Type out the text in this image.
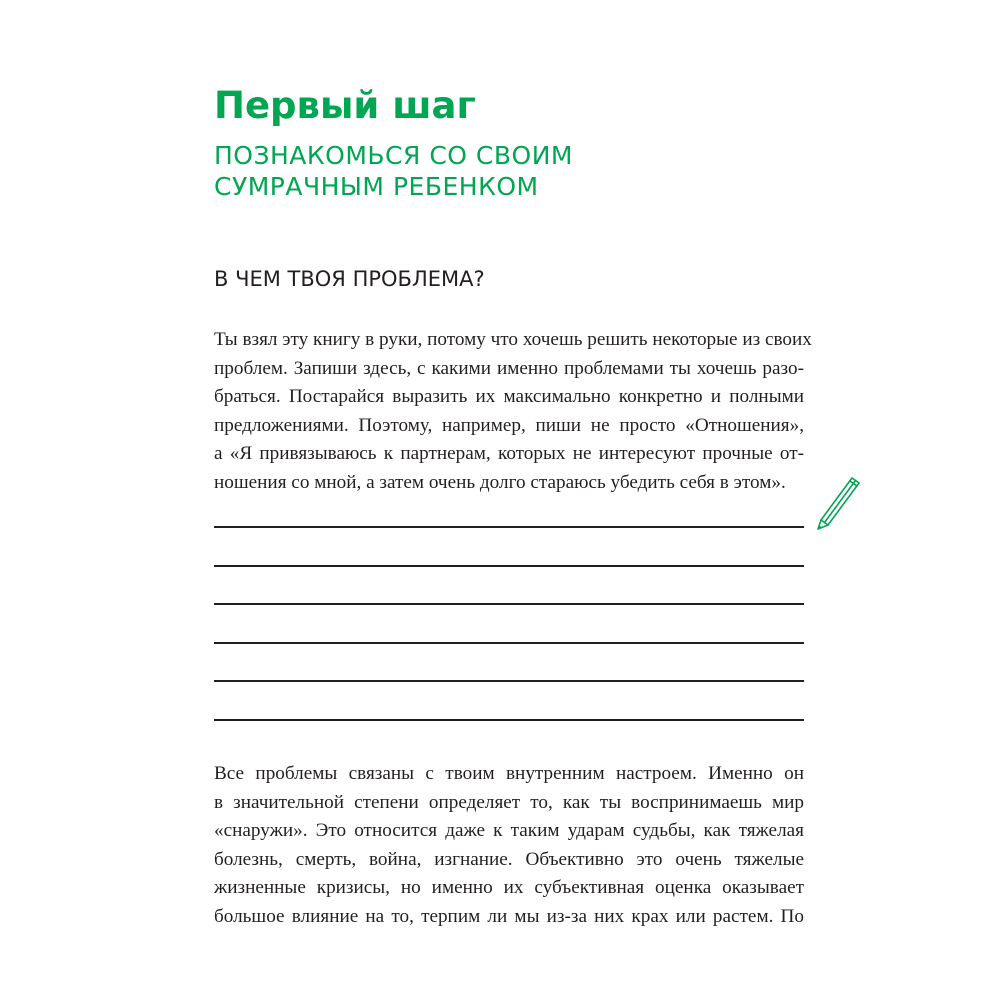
Первый шаг
ПОЗНАКОМЬСЯ СО СВОИМ
СУМРАЧНЫМ РЕБЕНКОМ
В ЧЕМ ТВОЯ ПРОБЛЕМА?
Ты взял эту книгу в руки, потому что хочешь решить некоторые из своих
проблем. Запиши здесь, с какими именно проблемами ты хочешь разо-
браться. Постарайся выразить их максимально конкретно и полными
предложениями. Поэтому, например, пиши не просто «Отношения»,
а «Я привязываюсь к партнерам, которых не интересуют прочные от-
ношения со мной, а затем очень долго стараюсь убедить себя в этом».
Все проблемы связаны с твоим внутренним настроем. Именно он
в значительной степени определяет то, как ты воспринимаешь мир
«снаружи». Это относится даже к таким ударам судьбы, как тяжелая
болезнь, смерть, война, изгнание. Объективно это очень тяжелые
жизненные кризисы, но именно их субъективная оценка оказывает
большое влияние на то, терпим ли мы из-за них крах или растем. По
